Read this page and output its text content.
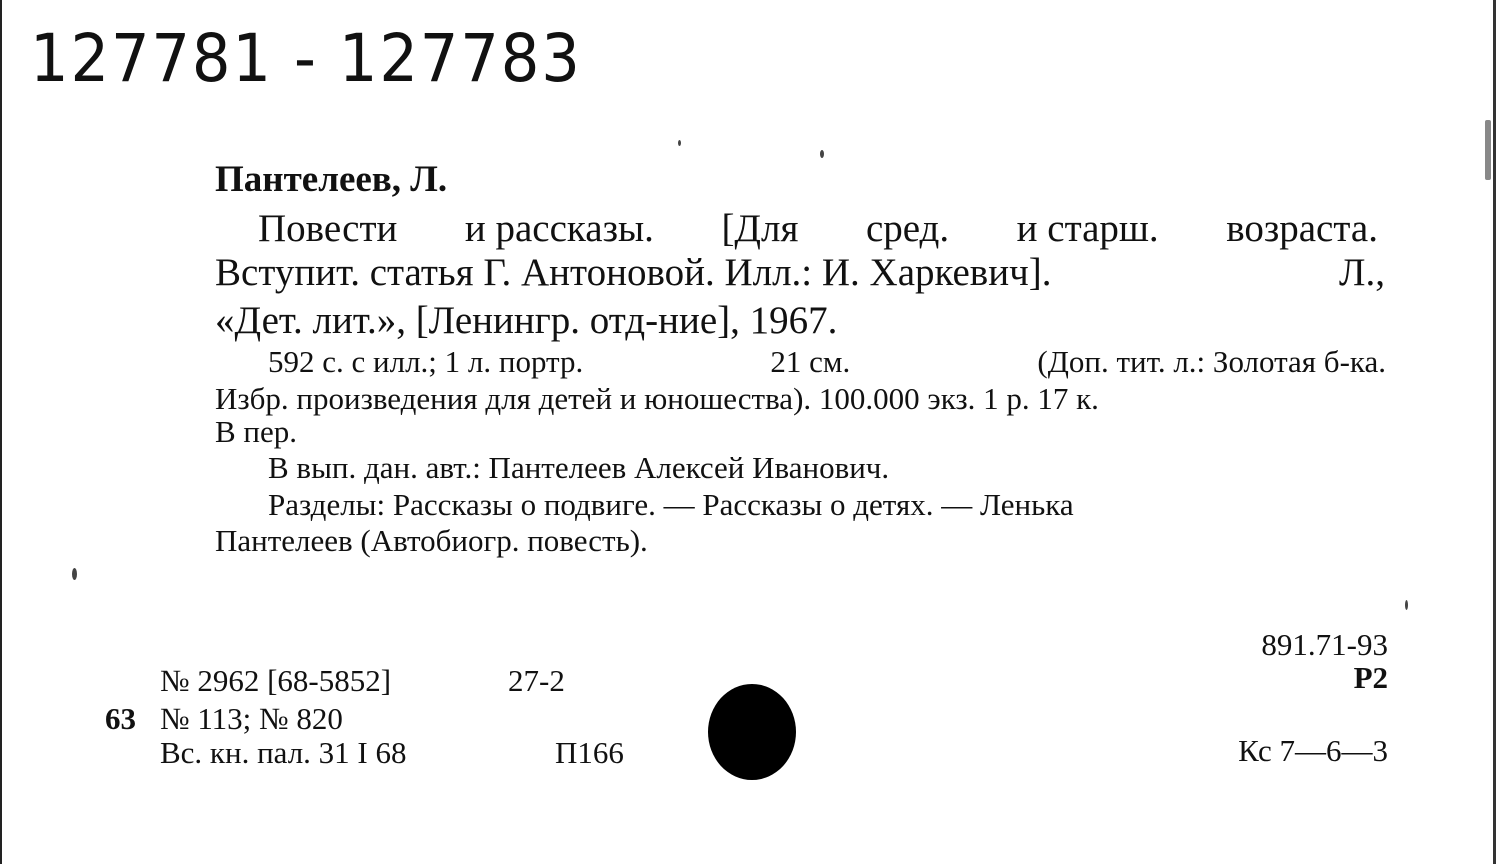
127781 - 127783
Пантелеев, Л.
Повести и рассказы. [Для сред. и старш. возраста.
Вступит. статья Г. Антоновой. Илл.: И. Харкевич].	Л.,
«Дет. лит.», [Ленингр. отд-ние], 1967.
592 с. с илл.; 1 л. портр.	21 см.	(Доп. тит. л.: Золотая б-ка.
Избр. произведения для детей и юношества). 100.000 экз. 1 р. 17 к.
В пер.
В вып. дан. авт.: Пантелеев Алексей Иванович.
Разделы: Рассказы о подвиге. — Рассказы о детях. — Ленька
Пантелеев (Автобиогр. повесть).
891.71-93
Р2
№ 2962 [68-5852]	27-2
63 № 113; № 820
Вс. кн. пал. 31 I 68	П166	Кс 7—6—3
